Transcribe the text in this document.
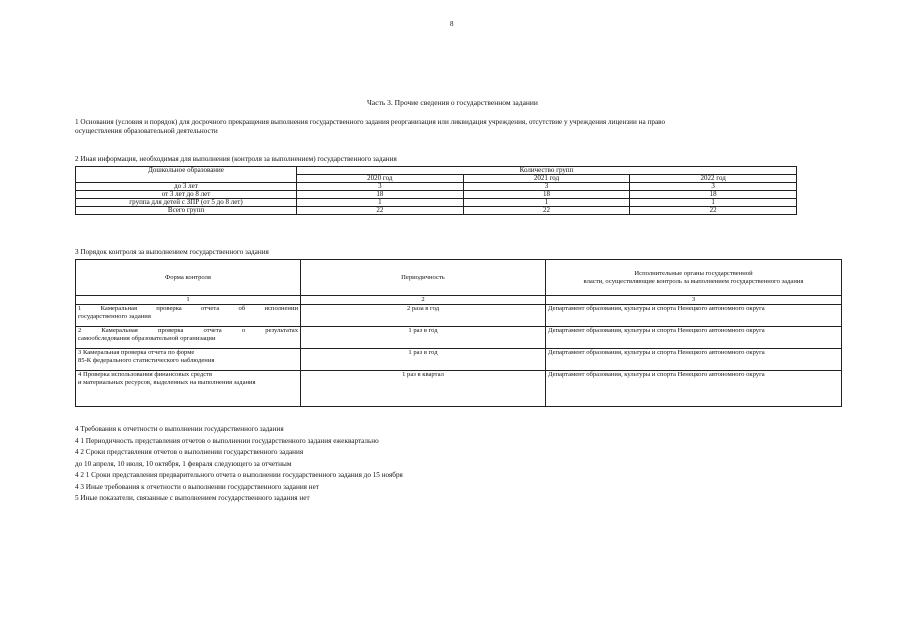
8
Часть 3. Прочие сведения о государственном задании
1 Основания (условия и порядок) для досрочного прекращения выполнения государственного задания реорганизация или ликвидация учреждения, отсутствие у учреждения лицензии на право
осуществления образовательной деятельности
2 Иная информация, необходимая для выполнения (контроля за выполнением) государственного задания
Дошкольное образование	Количество групп		
	2020 год	2021 год	2022 год
до 3 лет	3	3	3
от 3 лет до 8 лет	18	18	18
группа для детей с ЗПР (от 5 до 8 лет)	1	1	1
Всего групп	22	22	22
3 Порядок контроля за выполнением государственного задания
Форма контроля	Периодичность	Исполнительные органы государственной
власти, осуществляющие контроль за выполнением государственного задания

1	2	3

1 Камеральная проверка отчета об исполнении
государственного задания	2 раза в год	Департамент образования, культуры и спорта Ненецкого автономного округа

2 Камеральная проверка отчета о результатах
самообследования образовательной организации	1 раз в год	Департамент образования, культуры и спорта Ненецкого автономного округа

3 Камеральная проверка отчета по форме
85-К федерального статистического наблюдения	1 раз в год	Департамент образования, культуры и спорта Ненецкого автономного округа

4 Проверка использования финансовых средств
и материальных ресурсов, выделенных на выполнения задания	1 раз в квартал	Департамент образования, культуры и спорта Ненецкого автономного округа
4 Требования к отчетности о выполнении государственного задания
4 1 Периодичность представления отчетов о выполнении государственного задания ежеквартально
4 2 Сроки представления отчетов о выполнении государственного задания
до 10 апреля, 10 июля, 10 октября, 1 февраля следующего за отчетным
4 2 1 Сроки представления предварительного отчета о выполнении государственного задания до 15 ноября
4 3 Иные требования к отчетности о выполнении государственного задания нет
5 Иные показатели, связанные с выполнением государственного задания нет
